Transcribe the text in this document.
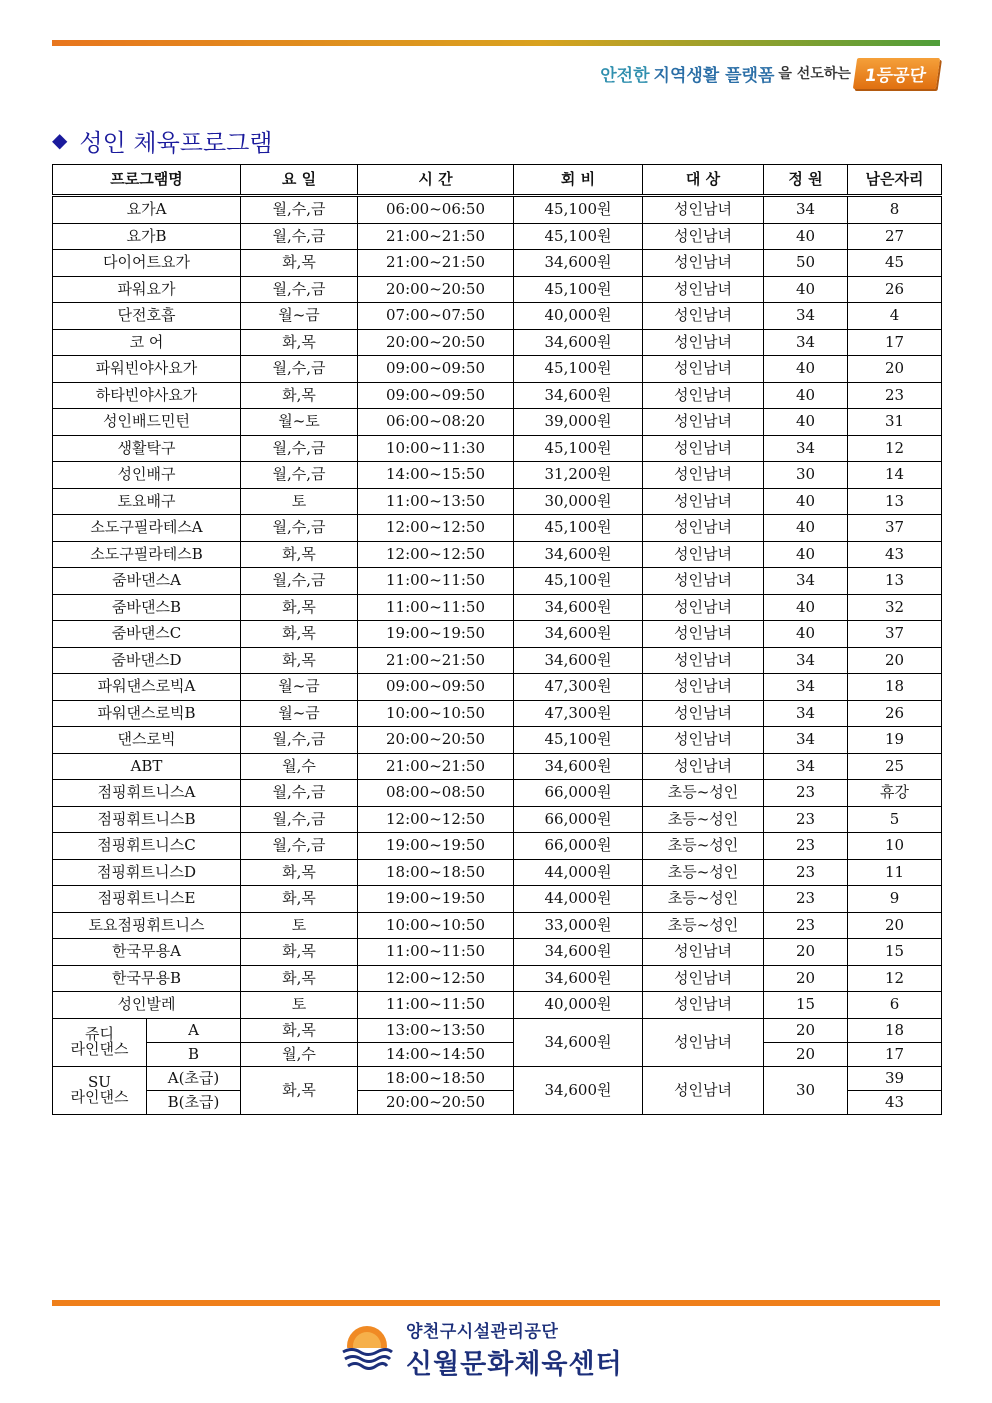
안전한 지역생활 플랫폼 을 선도하는 1등공단
◆ 성인 체육프로그램
프로그램명		요 일	시 간	회 비	대 상	정 원	남은자리
요가A		월,수,금	06:00~06:50	45,100원	성인남녀	34	8
요가B		월,수,금	21:00~21:50	45,100원	성인남녀	40	27
다이어트요가		화,목	21:00~21:50	34,600원	성인남녀	50	45
파워요가		월,수,금	20:00~20:50	45,100원	성인남녀	40	26
단전호흡		월~금	07:00~07:50	40,000원	성인남녀	34	4
코 어		화,목	20:00~20:50	34,600원	성인남녀	34	17
파워빈야사요가		월,수,금	09:00~09:50	45,100원	성인남녀	40	20
하타빈야사요가		화,목	09:00~09:50	34,600원	성인남녀	40	23
성인배드민턴		월~토	06:00~08:20	39,000원	성인남녀	40	31
생활탁구		월,수,금	10:00~11:30	45,100원	성인남녀	34	12
성인배구		월,수,금	14:00~15:50	31,200원	성인남녀	30	14
토요배구		토	11:00~13:50	30,000원	성인남녀	40	13
소도구필라테스A		월,수,금	12:00~12:50	45,100원	성인남녀	40	37
소도구필라테스B		화,목	12:00~12:50	34,600원	성인남녀	40	43
줌바댄스A		월,수,금	11:00~11:50	45,100원	성인남녀	34	13
줌바댄스B		화,목	11:00~11:50	34,600원	성인남녀	40	32
줌바댄스C		화,목	19:00~19:50	34,600원	성인남녀	40	37
줌바댄스D		화,목	21:00~21:50	34,600원	성인남녀	34	20
파워댄스로빅A		월~금	09:00~09:50	47,300원	성인남녀	34	18
파워댄스로빅B		월~금	10:00~10:50	47,300원	성인남녀	34	26
댄스로빅		월,수,금	20:00~20:50	45,100원	성인남녀	34	19
ABT		월,수	21:00~21:50	34,600원	성인남녀	34	25
점핑휘트니스A		월,수,금	08:00~08:50	66,000원	초등~성인	23	휴강
점핑휘트니스B		월,수,금	12:00~12:50	66,000원	초등~성인	23	5
점핑휘트니스C		월,수,금	19:00~19:50	66,000원	초등~성인	23	10
점핑휘트니스D		화,목	18:00~18:50	44,000원	초등~성인	23	11
점핑휘트니스E		화,목	19:00~19:50	44,000원	초등~성인	23	9
토요점핑휘트니스		토	10:00~10:50	33,000원	초등~성인	23	20
한국무용A		화,목	11:00~11:50	34,600원	성인남녀	20	15
한국무용B		화,목	12:00~12:50	34,600원	성인남녀	20	12
성인발레		토	11:00~11:50	40,000원	성인남녀	15	6
쥬디
라인댄스	A	화,목	13:00~13:50	34,600원	성인남녀	20	18
	B	월,수	14:00~14:50			20	17
SU
라인댄스	A(초급)	화,목	18:00~18:50	34,600원	성인남녀	30	39
	B(초급)		20:00~20:50				43
양천구시설관리공단
신월문화체육센터
